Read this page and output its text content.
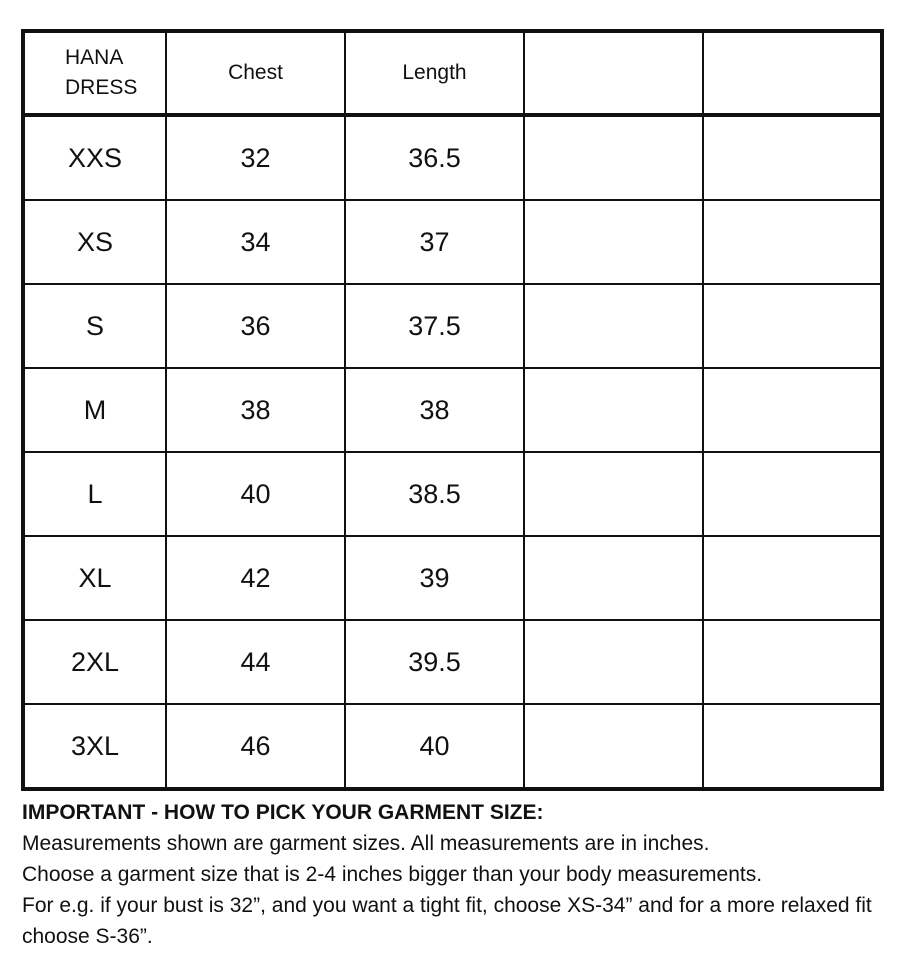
HANA
DRESS	Chest	Length		
XXS	32	36.5		
XS	34	37		
S	36	37.5		
M	38	38		
L	40	38.5		
XL	42	39		
2XL	44	39.5		
3XL	46	40		

IMPORTANT - HOW TO PICK YOUR GARMENT SIZE:

Measurements shown are garment sizes. All measurements are in inches.

Choose a garment size that is 2-4 inches bigger than your body measurements.

For e.g. if your bust is 32”, and you want a tight fit, choose XS-34” and for a more relaxed fit choose S-36”.
